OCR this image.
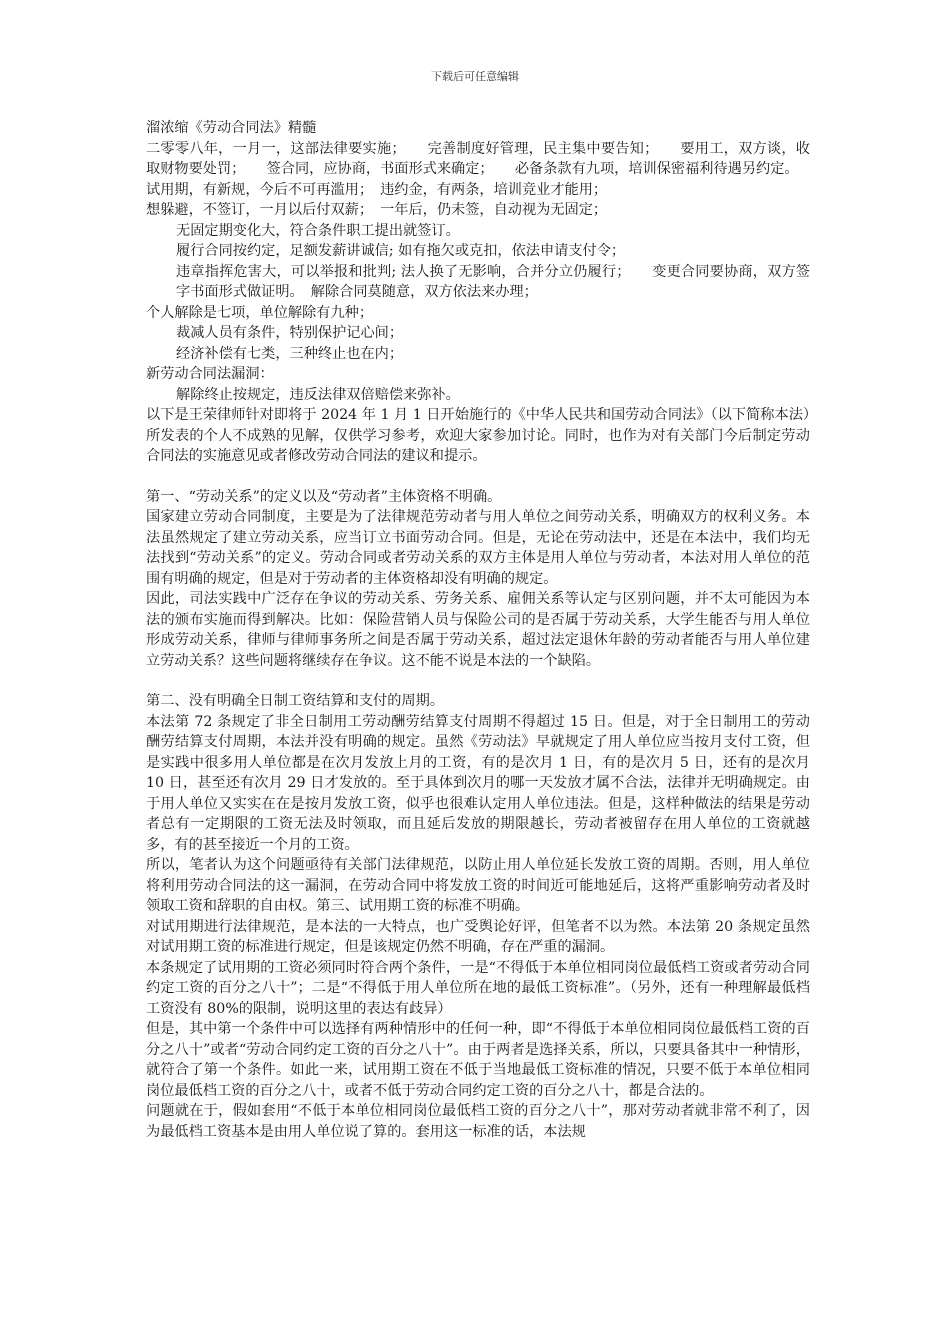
下载后可任意编辑

溜浓缩《劳动合同法》精髓

二零零八年，一月一，这部法律要实施；　　完善制度好管理，民主集中要告知；　　要用工，双方谈，收取财物要处罚；　　签合同，应协商，书面形式来确定；　　必备条款有九项，培训保密福利待遇另约定。

试用期，有新规，今后不可再滥用；　违约金，有两条，培训竞业才能用；

想躲避，不签订，一月以后付双薪；　一年后，仍未签，自动视为无固定；

无固定期变化大，符合条件职工提出就签订。

履行合同按约定，足额发薪讲诚信; 如有拖欠或克扣，依法申请支付令；

违章指挥危害大，可以举报和批判; 法人换了无影响，合并分立仍履行；　　变更合同要协商，双方签字书面形式做证明。　解除合同莫随意，双方依法来办理；

个人解除是七项，单位解除有九种；

裁减人员有条件，特别保护记心间；

经济补偿有七类，三种终止也在内；

新劳动合同法漏洞：

解除终止按规定，违反法律双倍赔偿来弥补。

以下是王荣律师针对即将于 2024 年 1 月 1 日开始施行的《中华人民共和国劳动合同法》（以下简称本法）所发表的个人不成熟的见解，仅供学习参考，欢迎大家参加讨论。同时，也作为对有关部门今后制定劳动合同法的实施意见或者修改劳动合同法的建议和提示。

第一、“劳动关系”的定义以及“劳动者”主体资格不明确。

国家建立劳动合同制度，主要是为了法律规范劳动者与用人单位之间劳动关系，明确双方的权利义务。本法虽然规定了建立劳动关系，应当订立书面劳动合同。但是，无论在劳动法中，还是在本法中，我们均无法找到“劳动关系”的定义。劳动合同或者劳动关系的双方主体是用人单位与劳动者，本法对用人单位的范围有明确的规定，但是对于劳动者的主体资格却没有明确的规定。

因此，司法实践中广泛存在争议的劳动关系、劳务关系、雇佣关系等认定与区别问题，并不太可能因为本法的颁布实施而得到解决。比如：保险营销人员与保险公司的是否属于劳动关系，大学生能否与用人单位形成劳动关系，律师与律师事务所之间是否属于劳动关系，超过法定退休年龄的劳动者能否与用人单位建立劳动关系？这些问题将继续存在争议。这不能不说是本法的一个缺陷。

第二、没有明确全日制工资结算和支付的周期。

本法第 72 条规定了非全日制用工劳动酬劳结算支付周期不得超过 15 日。但是，对于全日制用工的劳动酬劳结算支付周期，本法并没有明确的规定。虽然《劳动法》早就规定了用人单位应当按月支付工资，但是实践中很多用人单位都是在次月发放上月的工资，有的是次月 1 日，有的是次月 5 日，还有的是次月 10 日，甚至还有次月 29 日才发放的。至于具体到次月的哪一天发放才属不合法，法律并无明确规定。由于用人单位又实实在在是按月发放工资，似乎也很难认定用人单位违法。但是，这样种做法的结果是劳动者总有一定期限的工资无法及时领取，而且延后发放的期限越长，劳动者被留存在用人单位的工资就越多，有的甚至接近一个月的工资。

所以，笔者认为这个问题亟待有关部门法律规范，以防止用人单位延长发放工资的周期。否则，用人单位将利用劳动合同法的这一漏洞，在劳动合同中将发放工资的时间近可能地延后，这将严重影响劳动者及时领取工资和辞职的自由权。第三、试用期工资的标准不明确。

对试用期进行法律规范，是本法的一大特点，也广受舆论好评，但笔者不以为然。本法第 20 条规定虽然对试用期工资的标准进行规定，但是该规定仍然不明确，存在严重的漏洞。

本条规定了试用期的工资必须同时符合两个条件，一是“不得低于本单位相同岗位最低档工资或者劳动合同约定工资的百分之八十”；二是“不得低于用人单位所在地的最低工资标准”。（另外，还有一种理解最低档工资没有 80%的限制，说明这里的表达有歧异）

但是，其中第一个条件中可以选择有两种情形中的任何一种，即“不得低于本单位相同岗位最低档工资的百分之八十”或者“劳动合同约定工资的百分之八十”。由于两者是选择关系，所以，只要具备其中一种情形，就符合了第一个条件。如此一来，试用期工资在不低于当地最低工资标准的情况，只要不低于本单位相同岗位最低档工资的百分之八十，或者不低于劳动合同约定工资的百分之八十，都是合法的。

问题就在于，假如套用“不低于本单位相同岗位最低档工资的百分之八十”，那对劳动者就非常不利了，因为最低档工资基本是由用人单位说了算的。套用这一标准的话，本法规
